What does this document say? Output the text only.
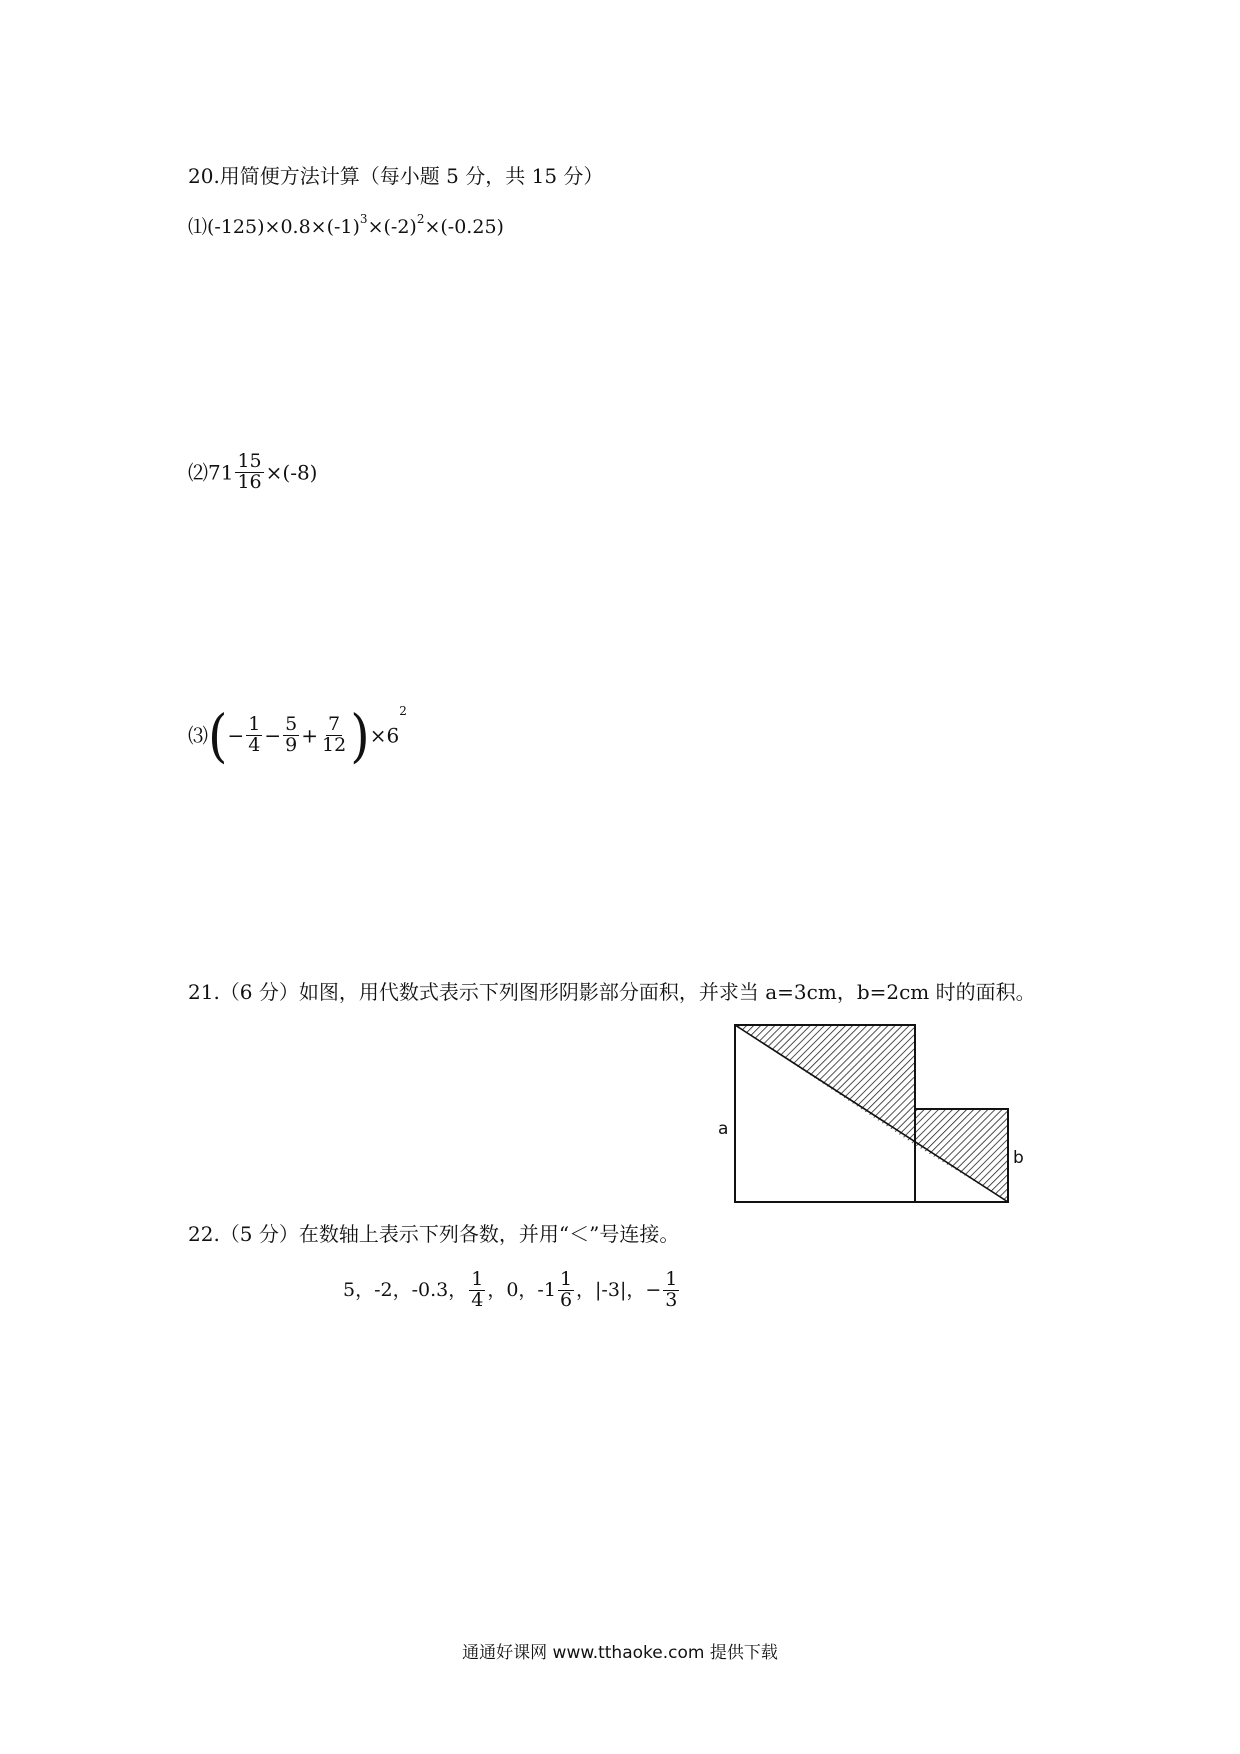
20.用简便方法计算（每小题 5 分，共 15 分）
$⑴(-125)\times 0.8\times(-1)^3\times(-2)^2\times(-0.25)$
⑵71 $\frac{15}{16} \times(-8)$
⑶(− $\frac{1}{4} - \frac{5}{9} + \frac{7}{12} )\times 6^2$
21.（6 分）如图，用代数式表示下列图形阴影部分面积，并求当 a=3cm，b=2cm 时的面积。
a
b
22.（5 分）在数轴上表示下列各数，并用“＜”号连接。
5，-2，-0.3， $\frac{1}{4}$ ，0，$-1 \frac{1}{6}$ ，|-3|，− $\frac{1}{3}$
通通好课网 www.tthaoke.com 提供下载
